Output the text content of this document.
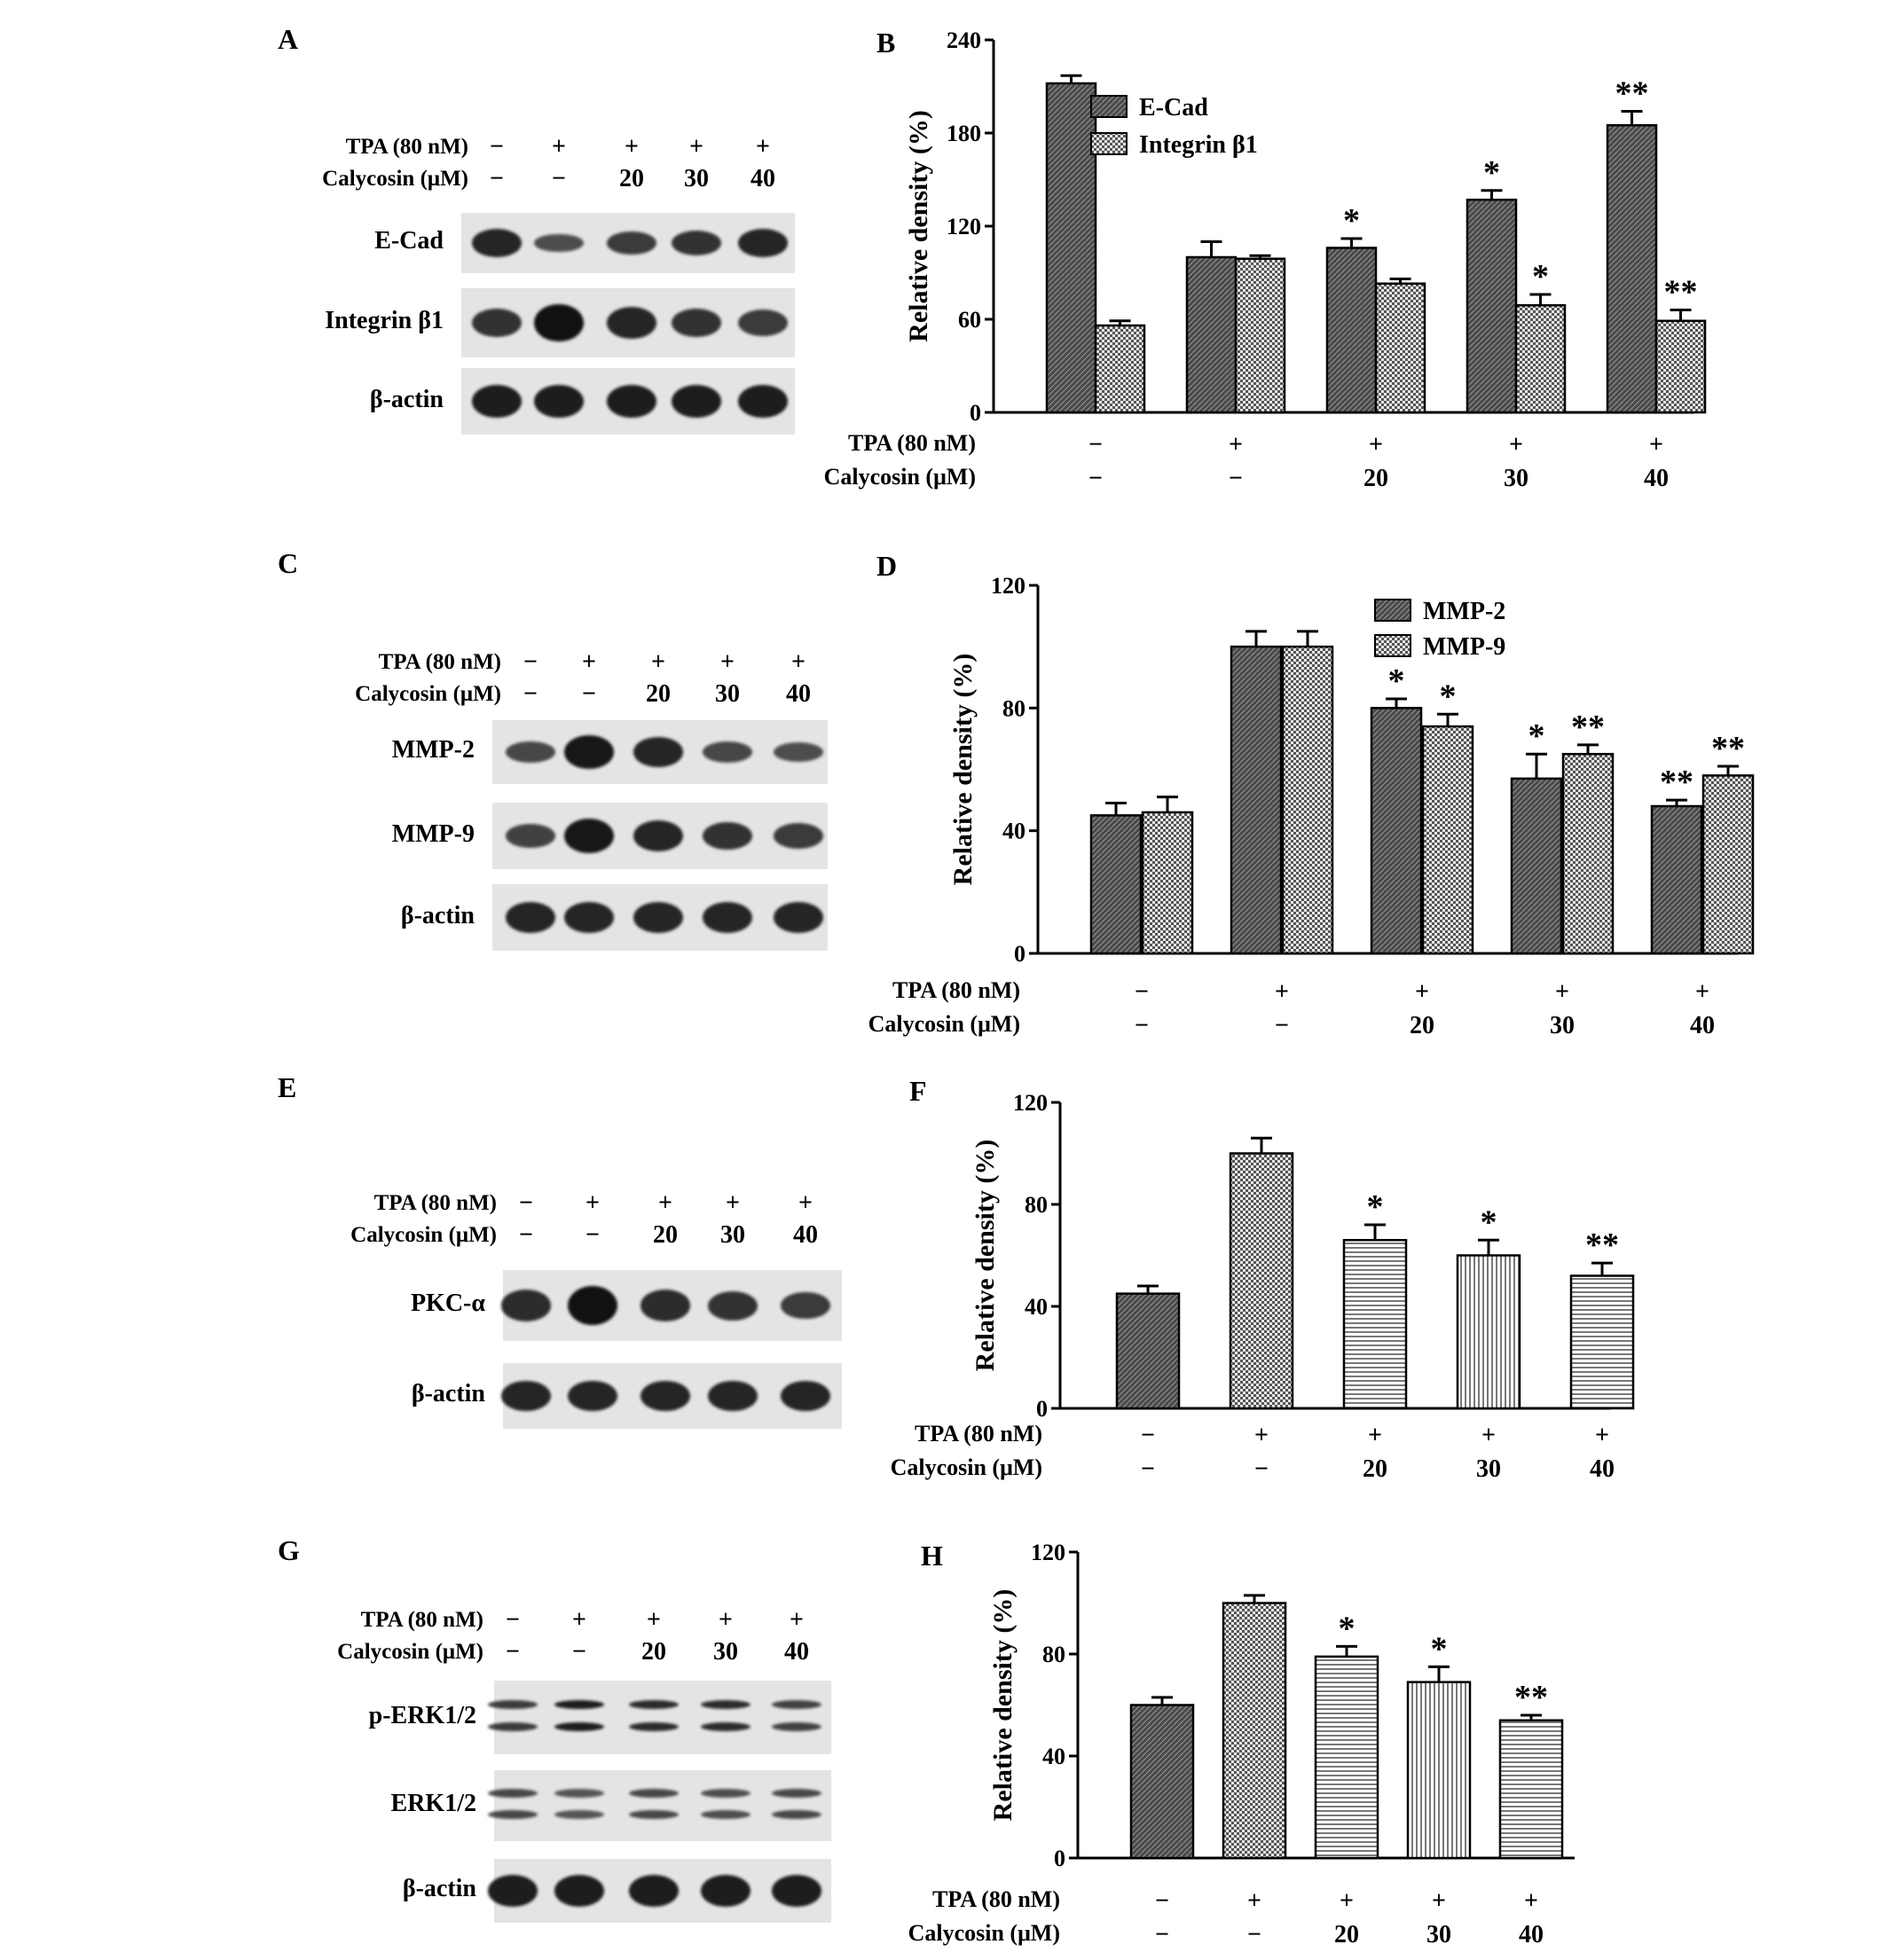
A	B
C	D
E	F
G	H
0
60
120
180
240
Relative density (%)	*
*
**
*	**
E-Cad
Integrin β1
TPA (80 nM)	−	+	+	+	+
Calycosin (μM)	−	−	20	30	40
0
40
80
120
Relative density (%)	*
*
**
*
**
**
MMP-2
MMP-9
TPA (80 nM)	−	+	+	+	+
Calycosin (μM)	−	−	20	30	40
0
40
80
120
Relative density (%)	*	*
**
TPA (80 nM)	−	+	+	+	+
Calycosin (μM)	−	−	20	30	40
0
40
80
120
Relative density (%)	*
*
**
TPA (80 nM)	−	+	+	+	+
Calycosin (μM)	−	−	20	30	40
TPA (80 nM) −	+	+	+	+
Calycosin (μM) −	−	20	30	40
E-Cad
Integrin β1
β-actin
TPA (80 nM) −	+	+	+	+
Calycosin (μM) −	−	20	30	40
MMP-2
MMP-9
β-actin
TPA (80 nM) −	+	+	+	+
Calycosin (μM) −	−	20	30	40
PKC-α
β-actin
TPA (80 nM) −	+	+	+	+
Calycosin (μM) −	−	20	30	40
p-ERK1/2
ERK1/2
β-actin
